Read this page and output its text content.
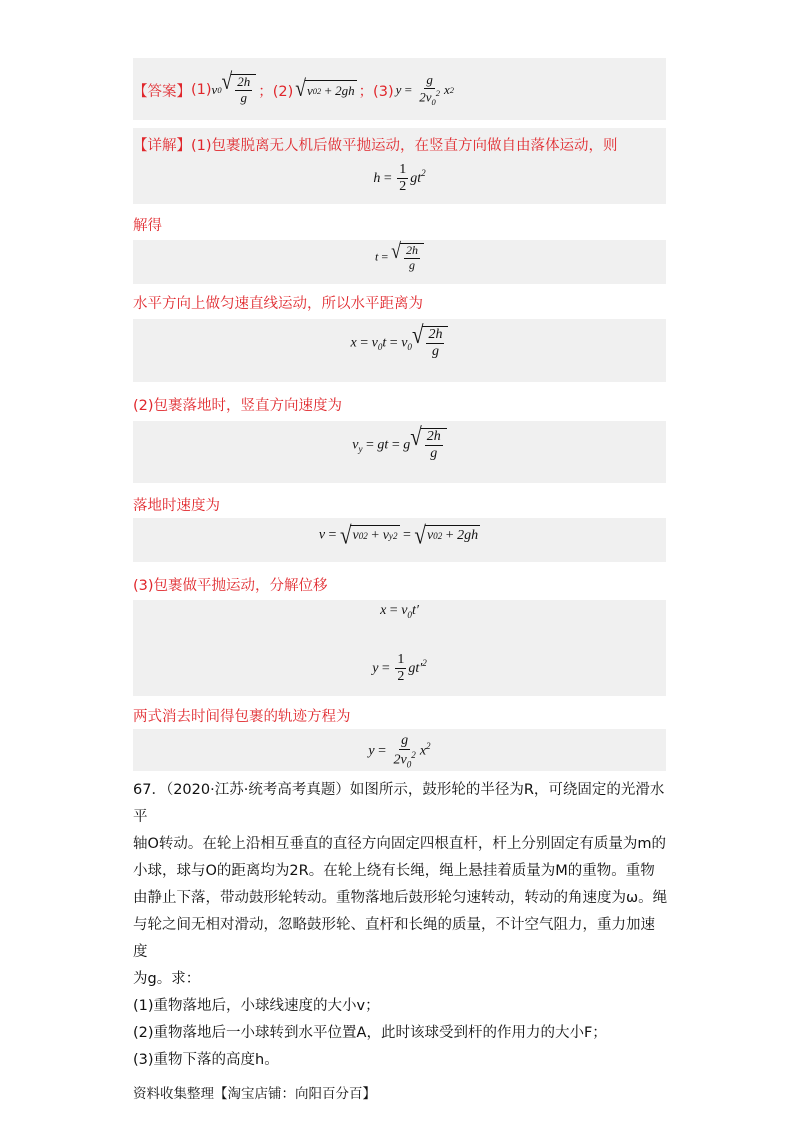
【答案】 (1) v 0 √ $\frac{2h}{g}$ ；(2) √ v 0 2
+ 2 gh ；(3) $y = \frac{g}{2v_0^2}$ x 2
【详解】(1)包裹脱离无人机后做平抛运动，在竖直方向做自由落体运动，则
$h = \frac{1}{2} gt^2$
解得
t = √ $\frac{2h}{g}$
水平方向上做匀速直线运动，所以水平距离为
$x = v_0t = v_0$ √ $\frac{2h}{g}$
(2)包裹落地时，竖直方向速度为
$v_y$ = gt = g √ $\frac{2h}{g}$
落地时速度为
v = √ v 0 2
+ v y 2 = √ v 0 2
+ 2gh
(3)包裹做平抛运动，分解位移
$x = v_0t'$
$y = \frac{1}{2} gt'^2$
两式消去时间得包裹的轨迹方程为
$y = \frac{g}{2v_0^2} x^2$
67．（2020·江苏·统考高考真题）如图所示，鼓形轮的半径为R，可绕固定的光滑水平
轴O转动。在轮上沿相互垂直的直径方向固定四根直杆，杆上分别固定有质量为m的
小球，球与O的距离均为2R。在轮上绕有长绳，绳上悬挂着质量为M的重物。重物
由静止下落，带动鼓形轮转动。重物落地后鼓形轮匀速转动，转动的角速度为ω。绳
与轮之间无相对滑动，忽略鼓形轮、直杆和长绳的质量，不计空气阻力，重力加速度
为g。求：
(1)重物落地后，小球线速度的大小v；
(2)重物落地后一小球转到水平位置A，此时该球受到杆的作用力的大小F；
(3)重物下落的高度h。
资料收集整理【淘宝店铺：向阳百分百】
